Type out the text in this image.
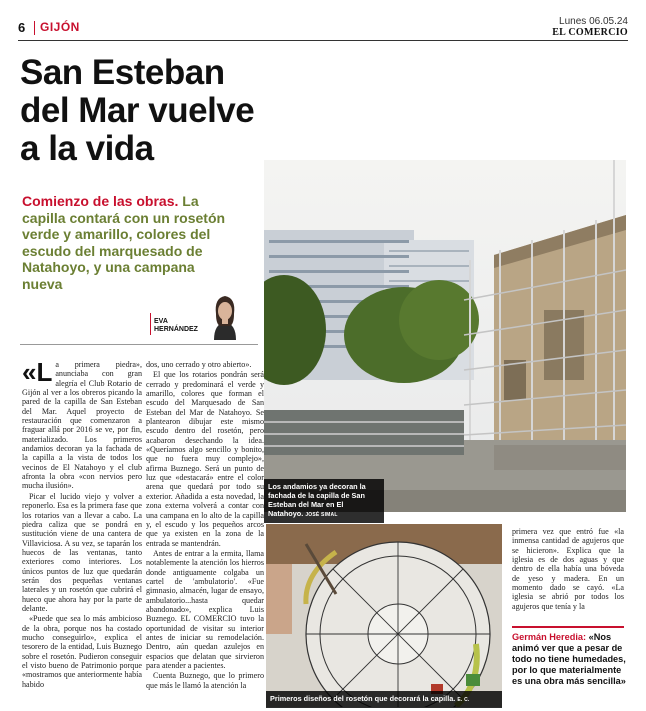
6 GIJÓN	Lunes 06.05.24
EL COMERCIO
San Esteban del Mar vuelve a la vida
Comienzo de las obras. La capilla contará con un rosetón verde y amarillo, colores del escudo del marquesado de Natahoyo, y una campana nueva
EVA HERNÁNDEZ

«La primera piedra», anunciaba con gran alegría el Club Rotario de Gijón al ver a los obreros picando la pared de la capilla de San Esteban del Mar. Aquel proyecto de restauración que comenzaron a fraguar allá por 2016 se ve, por fin, materializado. Los primeros andamios decoran ya la fachada de la capilla a la vista de todos los vecinos de El Natahoyo y el club afronta la obra «con nervios pero mucha ilusión».

Picar el lucido viejo y volver a reponerlo. Esa es la primera fase que los rotarios van a llevar a cabo. La piedra caliza que se pondrá en sustitución viene de una cantera de Villaviciosa. A su vez, se taparán los huecos de las ventanas, tanto exteriores como interiores. Los únicos puntos de luz que quedarán serán dos pequeñas ventanas laterales y un rosetón que cubrirá el hueco que ahora hay por la parte de delante.

«Puede que sea lo más ambicioso de la obra, porque nos ha costado mucho conseguirlo», explica el tesorero de la entidad, Luis Buznego sobre el rosetón. Pudieron conseguir el visto bueno de Patrimonio porque «mostramos que anteriormente había habido

dos, uno cerrado y otro abierto».

El que los rotarios pondrán será cerrado y predominará el verde y amarillo, colores que forman el escudo del Marquesado de San Esteban del Mar de Natahoyo. Se plantearon dibujar este mismo escudo dentro del rosetón, pero acabaron desechando la idea. «Queríamos algo sencillo y bonito, que no fuera muy complejo», afirma Buznego. Será un punto de luz que «destacará» entre el color arena que quedará por todo su exterior. Añadida a esta novedad, la zona externa volverá a contar con una campana en lo alto de la capilla y, el escudo y los pequeños arcos que ya existen en la zona de la entrada se mantendrán.

Antes de entrar a la ermita, llama notablemente la atención los hierros donde antiguamente colgaba un cartel de 'ambulatorio'. «Fue gimnasio, almacén, lugar de ensayo, ambulatorio...hasta quedar abandonado», explica Luis Buznego. EL COMERCIO tuvo la oportunidad de visitar su interior antes de iniciar su remodelación. Dentro, aún quedan azulejos en espacios que delatan que sirvieron para atender a pacientes.

Cuenta Buznego, que lo primero que más le llamó la atención la

Los andamios ya decoran la fachada de la capilla de San Esteban del Mar en El Natahoyo. JOSÉ SIMAL
Primeros diseños del rosetón que decorará la capilla. E. C.

primera vez que entró fue «la inmensa cantidad de agujeros que se hicieron». Explica que la iglesia es de dos aguas y que dentro de ella había una bóveda de yeso y madera. En un momento dado se cayó. «La iglesia se abrió por todos los agujeros que tenía y la

Germán Heredia: «Nos animó ver que a pesar de todo no tiene humedades, por lo que materialmente es una obra más sencilla»
